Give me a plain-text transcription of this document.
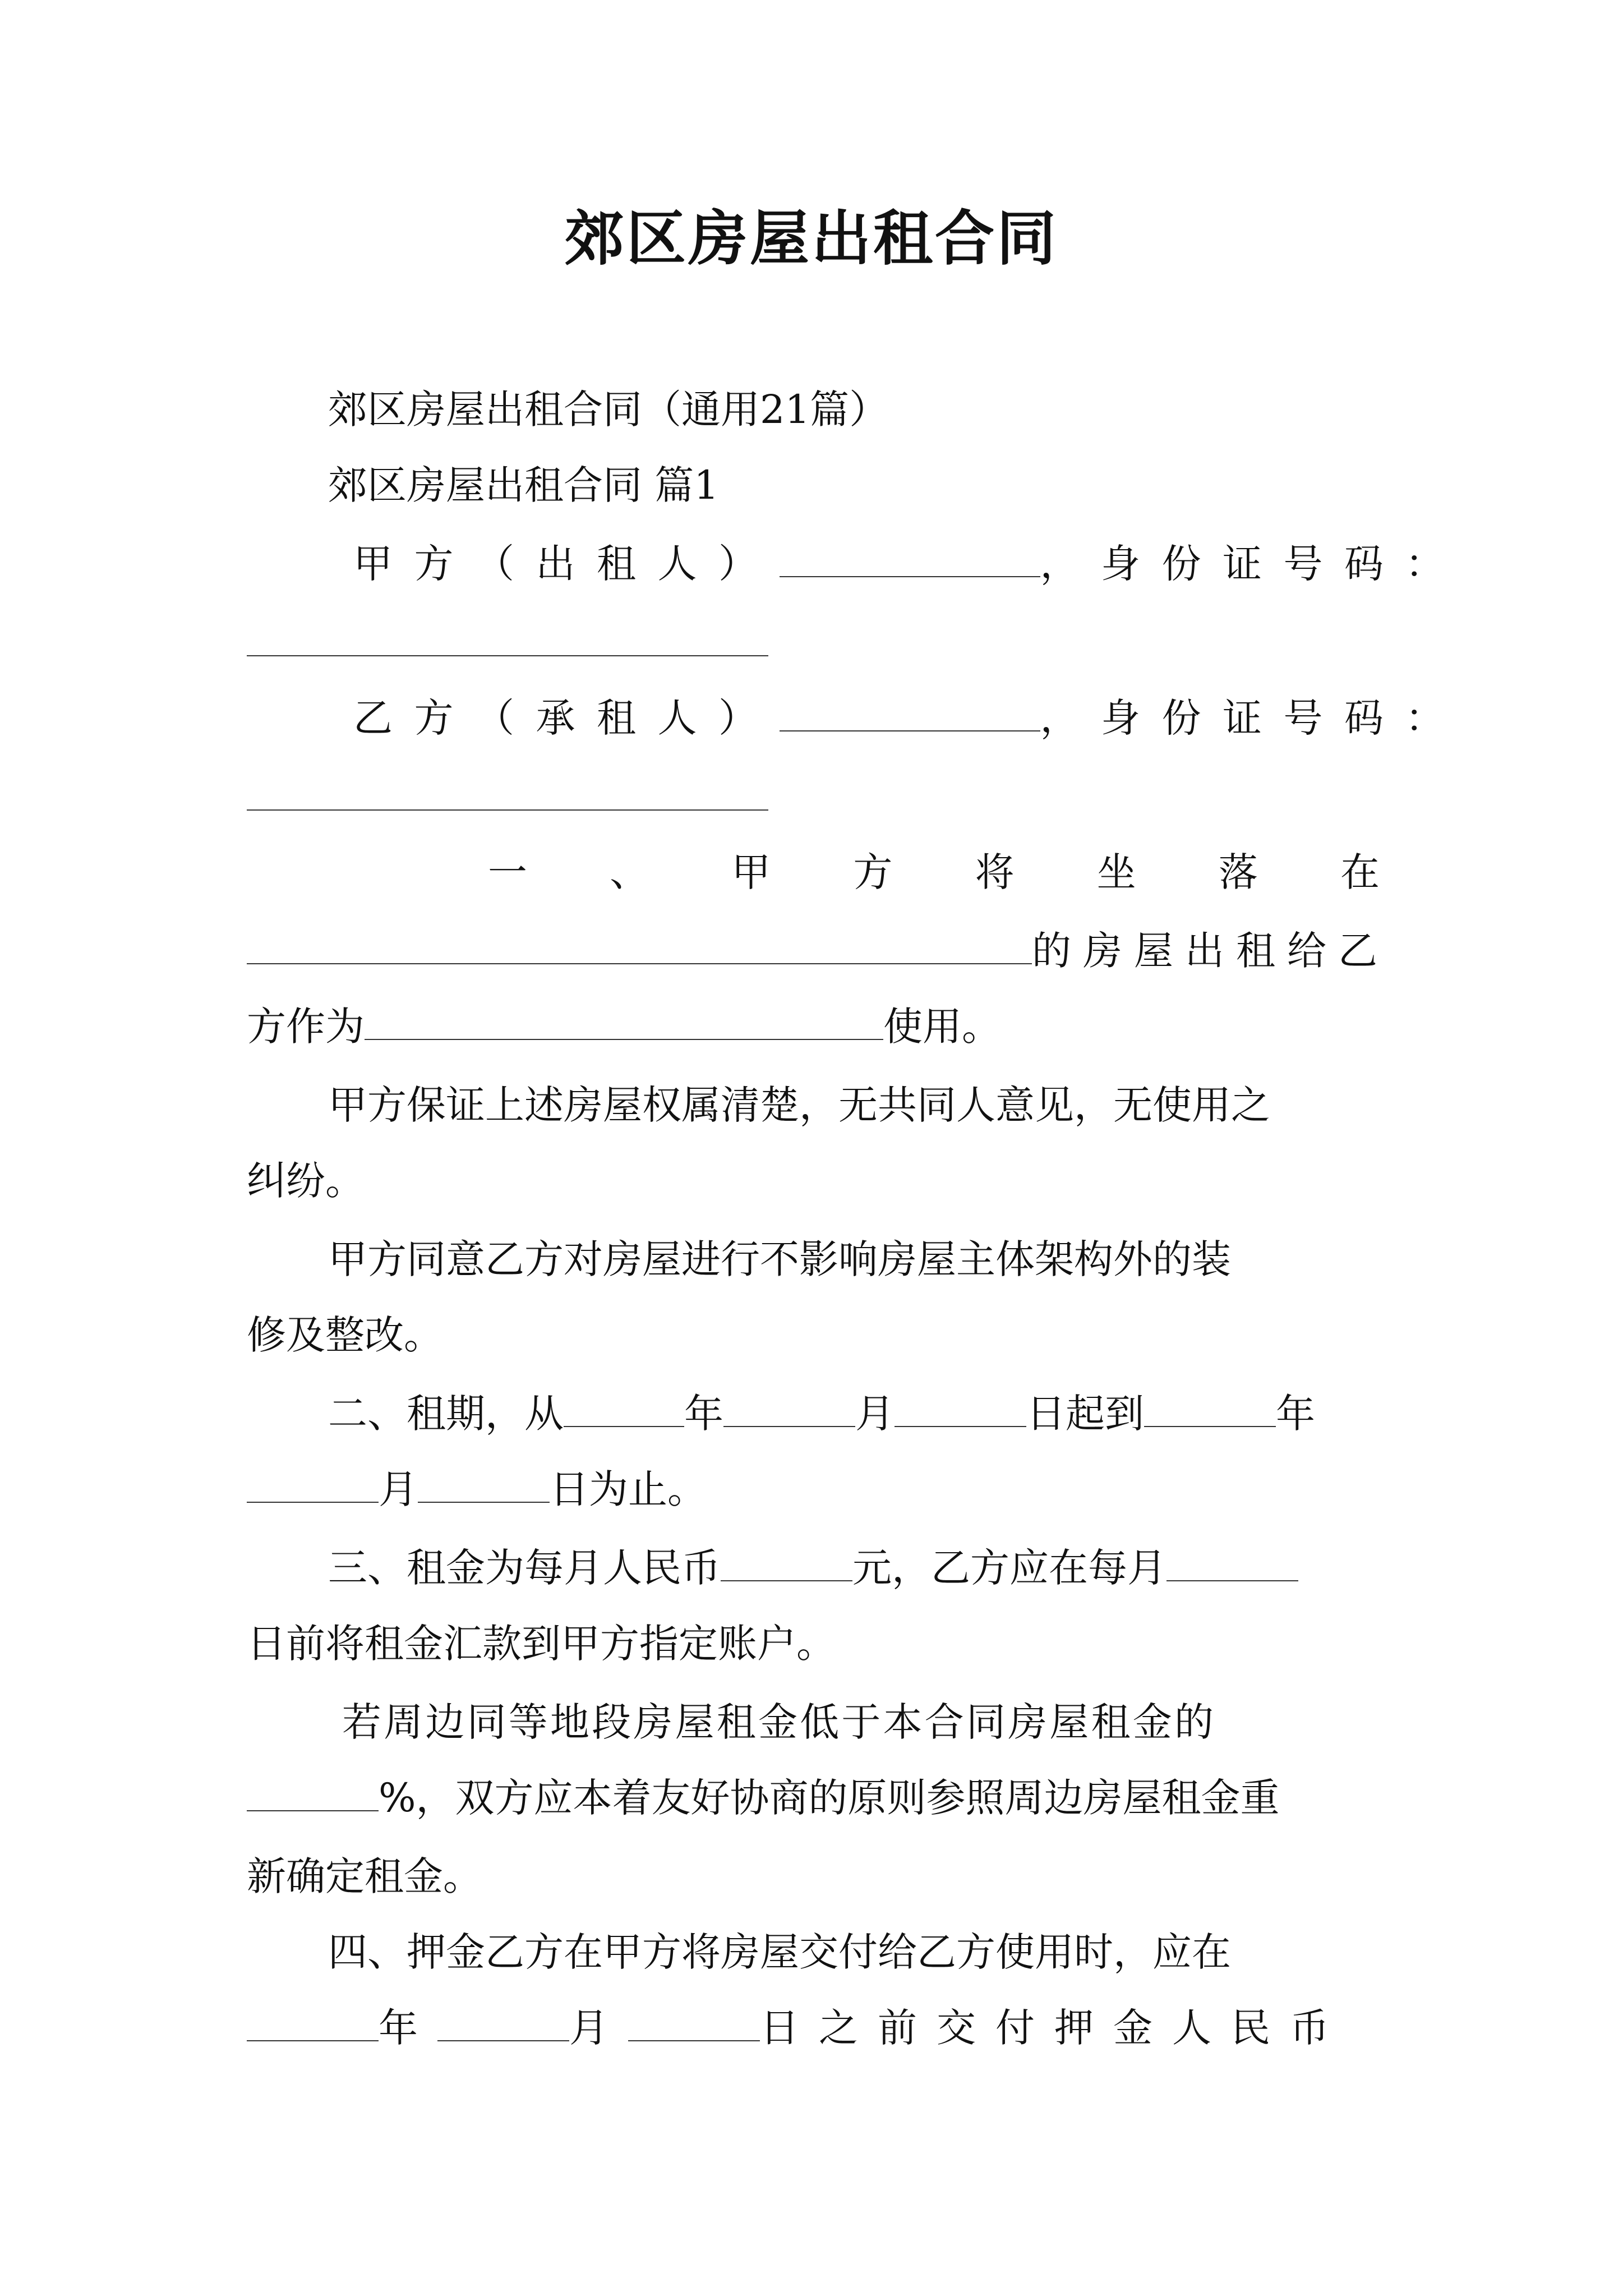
郊区房屋出租合同
郊区房屋出租合同（通用21篇）
郊区房屋出租合同 篇1
甲方（出租人）	，身份证号码：
乙方（承租人）	，身份证号码：
一 、 甲 方 将 坐 落 在
的房屋出租给乙
方作为	使用。
甲方保证上述房屋权属清楚，无共同人意见，无使用之
纠纷。
甲方同意乙方对房屋进行不影响房屋主体架构外的装
修及整改。
二、租期，从	年	月	日起到	年
月	日为止。
三、租金为每月人民币	元，乙方应在每月
日前将租金汇款到甲方指定账户。
若周边同等地段房屋租金低于本合同房屋租金的
%，双方应本着友好协商的原则参照周边房屋租金重
新确定租金。
四、押金乙方在甲方将房屋交付给乙方使用时，应在
年	月	日之前交付押金人民币
